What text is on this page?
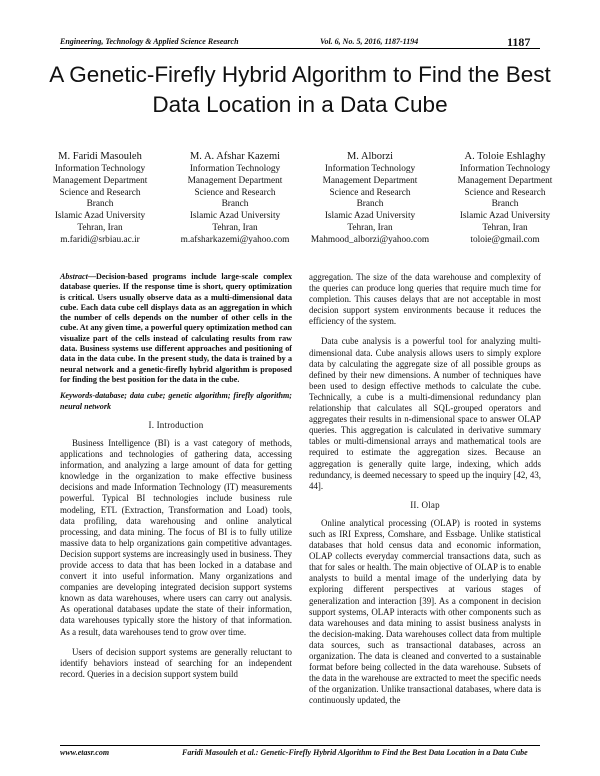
Engineering, Technology & Applied Science Research	Vol. 6, No. 5, 2016, 1187-1194	1187
A Genetic-Firefly Hybrid Algorithm to Find the Best
Data Location in a Data Cube
M. Faridi Masouleh
Information Technology
Management Department
Science and Research
Branch
Islamic Azad University
Tehran, Iran
m.faridi@srbiau.ac.ir
M. A. Afshar Kazemi
Information Technology
Management Department
Science and Research
Branch
Islamic Azad University
Tehran, Iran
m.afsharkazemi@yahoo.com
M. Alborzi
Information Technology
Management Department
Science and Research
Branch
Islamic Azad University
Tehran, Iran
Mahmood_alborzi@yahoo.com
A. Toloie Eshlaghy
Information Technology
Management Department
Science and Research
Branch
Islamic Azad University
Tehran, Iran
toloie@gmail.com

Abstract—Decision-based programs include large-scale complex database queries. If the response time is short, query optimization is critical. Users usually observe data as a multi-dimensional data cube. Each data cube cell displays data as an aggregation in which the number of cells depends on the number of other cells in the cube. At any given time, a powerful query optimization method can visualize part of the cells instead of calculating results from raw data. Business systems use different approaches and positioning of data in the data cube. In the present study, the data is trained by a neural network and a genetic-firefly hybrid algorithm is proposed for finding the best position for the data in the cube.

Keywords-database; data cube; genetic algorithm; firefly algorithm; neural network

I. Introduction

Business Intelligence (BI) is a vast category of methods, applications and technologies of gathering data, accessing information, and analyzing a large amount of data for getting knowledge in the organization to make effective business decisions and made Information Technology (IT) measurements powerful. Typical BI technologies include business rule modeling, ETL (Extraction, Transformation and Load) tools, data profiling, data warehousing and online analytical processing, and data mining. The focus of BI is to fully utilize massive data to help organizations gain competitive advantages. Decision support systems are increasingly used in business. They provide access to data that has been locked in a database and convert it into useful information. Many organizations and companies are developing integrated decision support systems known as data warehouses, where users can carry out analysis. As operational databases update the state of their information, data warehouses typically store the history of that information. As a result, data warehouses tend to grow over time.

Users of decision support systems are generally reluctant to identify behaviors instead of searching for an independent record. Queries in a decision support system build

aggregation. The size of the data warehouse and complexity of the queries can produce long queries that require much time for completion. This causes delays that are not acceptable in most decision support system environments because it reduces the efficiency of the system.

Data cube analysis is a powerful tool for analyzing multi-dimensional data. Cube analysis allows users to simply explore data by calculating the aggregate size of all possible groups as defined by their new dimensions. A number of techniques have been used to design effective methods to calculate the cube. Technically, a cube is a multi-dimensional redundancy plan relationship that calculates all SQL-grouped operators and aggregates their results in n-dimensional space to answer OLAP queries. This aggregation is calculated in derivative summary tables or multi-dimensional arrays and mathematical tools are required to estimate the aggregation sizes. Because an aggregation is generally quite large, indexing, which adds redundancy, is deemed necessary to speed up the inquiry [42, 43, 44].

II. Olap

Online analytical processing (OLAP) is rooted in systems such as IRI Express, Comshare, and Essbage. Unlike statistical databases that hold census data and economic information, OLAP collects everyday commercial transactions data, such as that for sales or health. The main objective of OLAP is to enable analysts to build a mental image of the underlying data by exploring different perspectives at various stages of generalization and interaction [39]. As a component in decision support systems, OLAP interacts with other components such as data warehouses and data mining to assist business analysts in the decision-making. Data warehouses collect data from multiple data sources, such as transactional databases, across an organization. The data is cleaned and converted to a sustainable format before being collected in the data warehouse. Subsets of the data in the warehouse are extracted to meet the specific needs of the organization. Unlike transactional databases, where data is continuously updated, the

www.etasr.com	Faridi Masouleh et al.: Genetic-Firefly Hybrid Algorithm to Find the Best Data Location in a Data Cube
